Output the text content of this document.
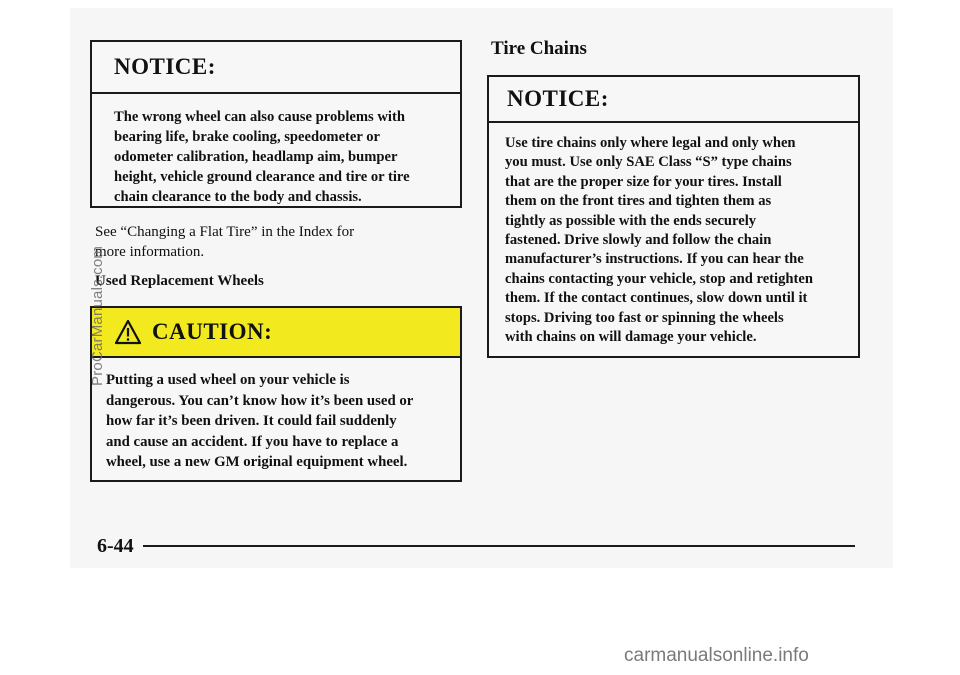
NOTICE:
The wrong wheel can also cause problems with
bearing life, brake cooling, speedometer or
odometer calibration, headlamp aim, bumper
height, vehicle ground clearance and tire or tire
chain clearance to the body and chassis.
See “Changing a Flat Tire” in the Index for
more information.
Used Replacement Wheels
CAUTION:
Putting a used wheel on your vehicle is
dangerous. You can’t know how it’s been used or
how far it’s been driven. It could fail suddenly
and cause an accident. If you have to replace a
wheel, use a new GM original equipment wheel.
Tire Chains
NOTICE:
Use tire chains only where legal and only when
you must. Use only SAE Class “S” type chains
that are the proper size for your tires. Install
them on the front tires and tighten them as
tightly as possible with the ends securely
fastened. Drive slowly and follow the chain
manufacturer’s instructions. If you can hear the
chains contacting your vehicle, stop and retighten
them. If the contact continues, slow down until it
stops. Driving too fast or spinning the wheels
with chains on will damage your vehicle.
6-44
ProCarManuals.com
carmanualsonline.info
